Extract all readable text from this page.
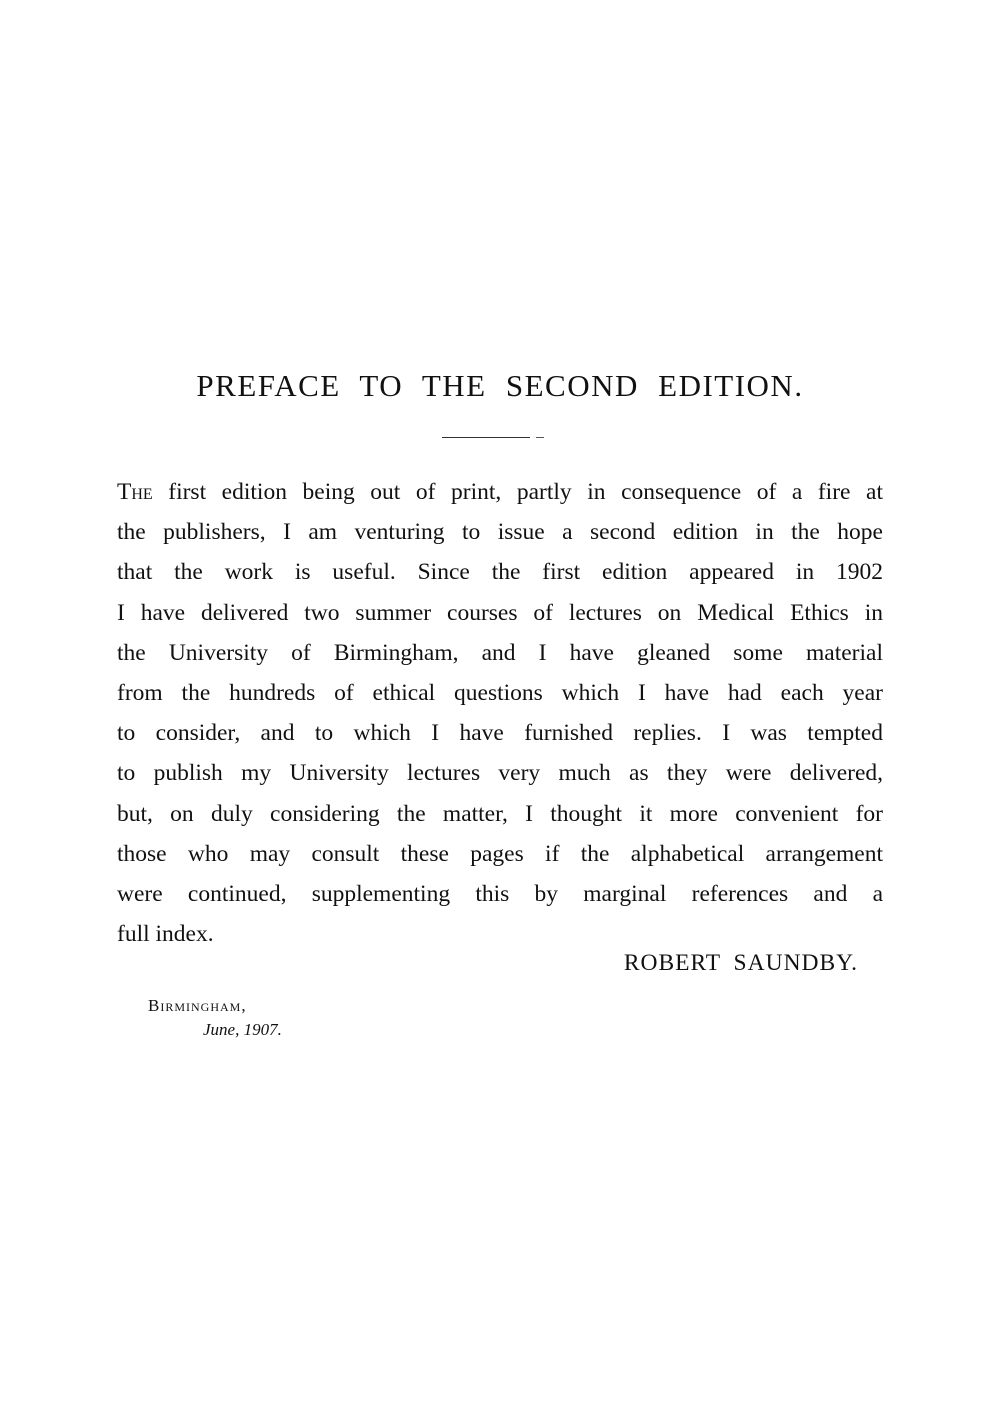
PREFACE TO THE SECOND EDITION.
The first edition being out of print, partly in consequence of a fire at
the publishers, I am venturing to issue a second edition in the hope
that the work is useful. Since the first edition appeared in 1902
I have delivered two summer courses of lectures on Medical Ethics in
the University of Birmingham, and I have gleaned some material
from the hundreds of ethical questions which I have had each year
to consider, and to which I have furnished replies. I was tempted
to publish my University lectures very much as they were delivered,
but, on duly considering the matter, I thought it more convenient for
those who may consult these pages if the alphabetical arrangement
were continued, supplementing this by marginal references and a
full index.

ROBERT SAUNDBY.

Birmingham,

June, 1907.
